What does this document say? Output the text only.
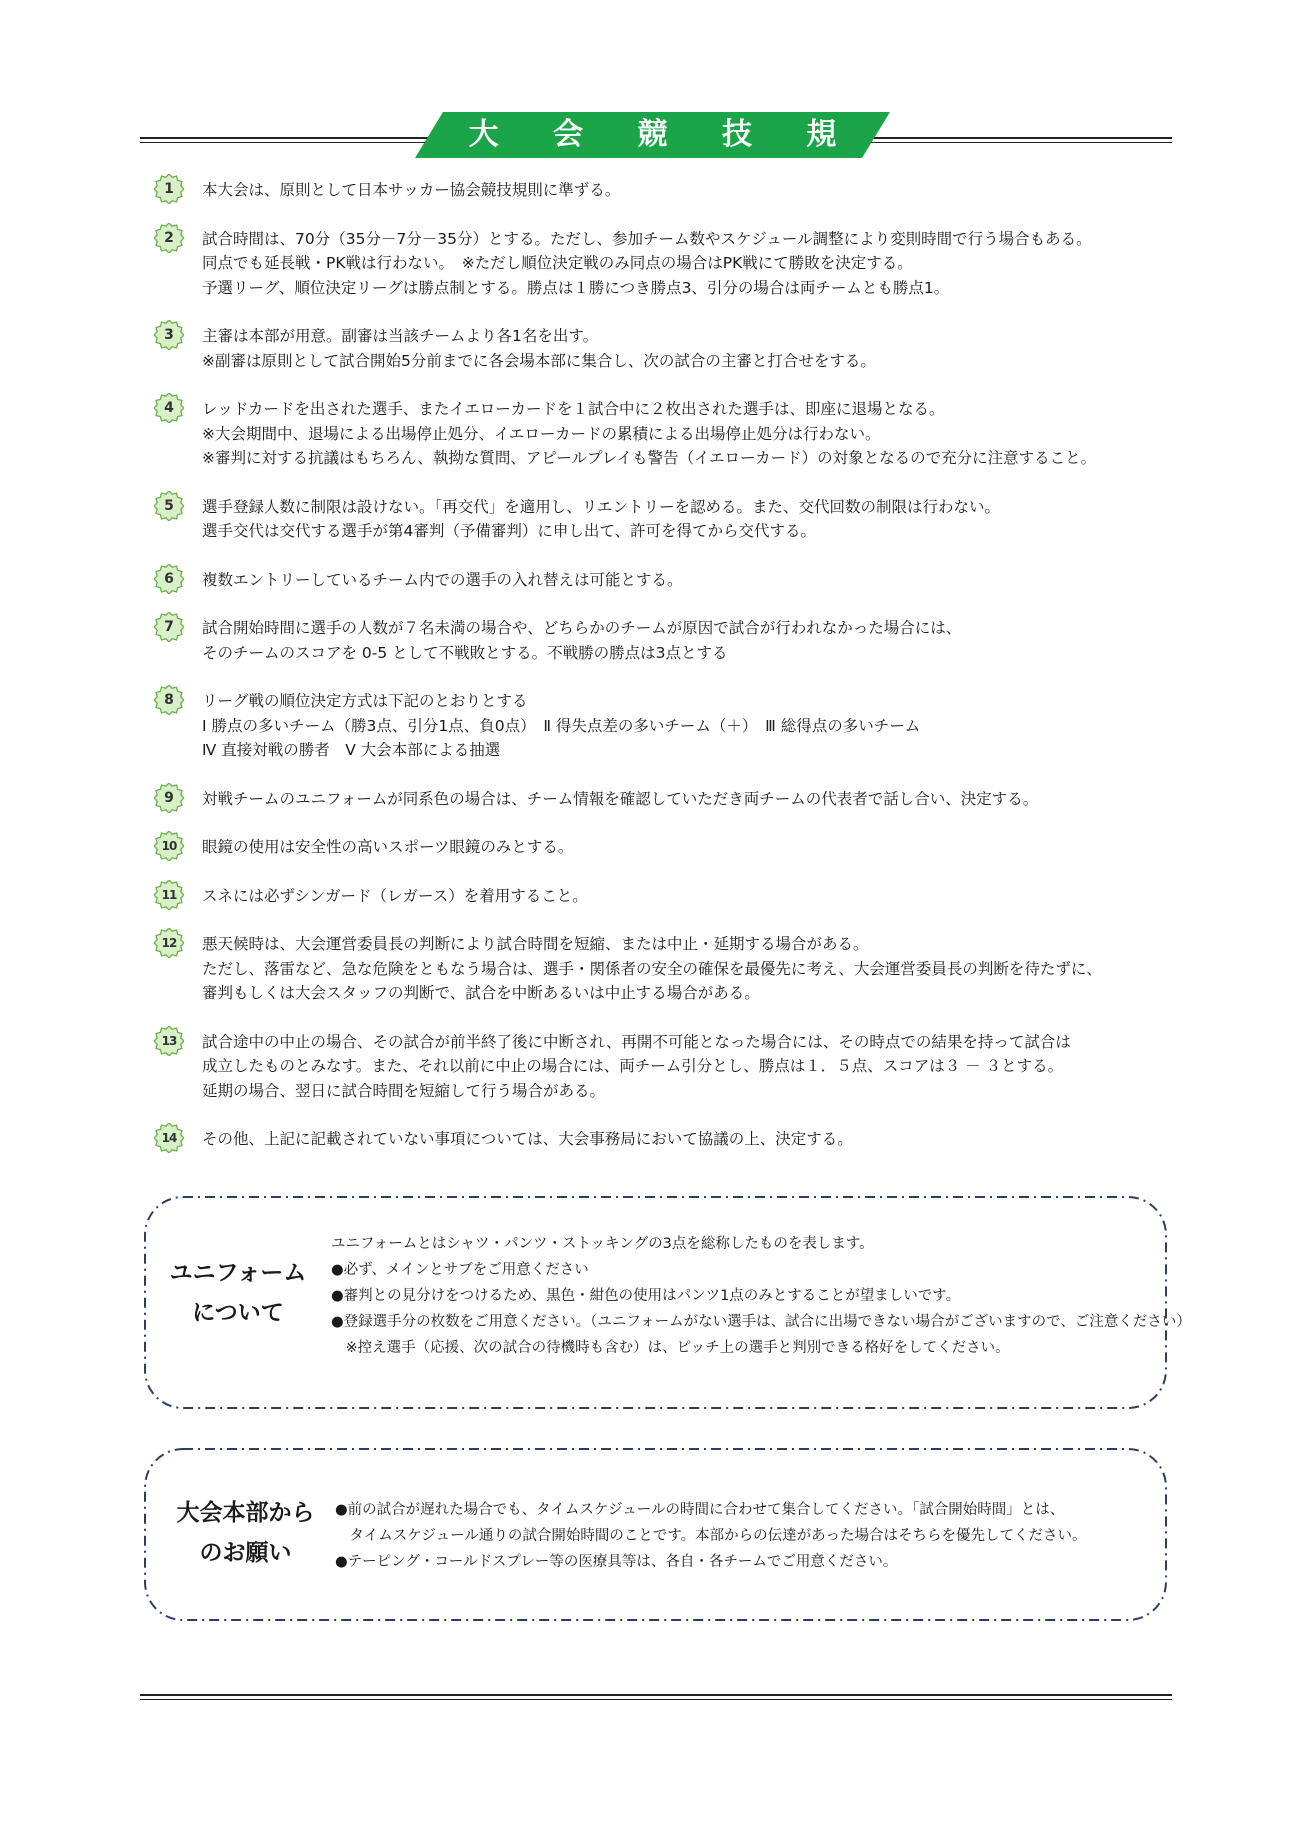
大 会 競 技 規 定
1	本大会は、原則として日本サッカー協会競技規則に準ずる。
2	試合時間は、70分（35分－7分－35分）とする。ただし、参加チーム数やスケジュール調整により変則時間で行う場合もある。
同点でも延長戦・PK戦は行わない。　※ただし順位決定戦のみ同点の場合はPK戦にて勝敗を決定する。
予選リーグ、順位決定リーグは勝点制とする。勝点は１勝につき勝点3、引分の場合は両チームとも勝点1。
3	主審は本部が用意。副審は当該チームより各1名を出す。
※副審は原則として試合開始5分前までに各会場本部に集合し、次の試合の主審と打合せをする。
4	レッドカードを出された選手、またイエローカードを１試合中に２枚出された選手は、即座に退場となる。
※大会期間中、退場による出場停止処分、イエローカードの累積による出場停止処分は行わない。
※審判に対する抗議はもちろん、執拗な質問、アピールプレイも警告（イエローカード）の対象となるので充分に注意すること。
5	選手登録人数に制限は設けない。「再交代」を適用し、リエントリーを認める。また、交代回数の制限は行わない。
選手交代は交代する選手が第4審判（予備審判）に申し出て、許可を得てから交代する。
6	複数エントリーしているチーム内での選手の入れ替えは可能とする。
7	試合開始時間に選手の人数が７名未満の場合や、どちらかのチームが原因で試合が行われなかった場合には、
そのチームのスコアを 0-5 として不戦敗とする。不戦勝の勝点は3点とする
8	リーグ戦の順位決定方式は下記のとおりとする
Ⅰ 勝点の多いチーム（勝3点、引分1点、負0点）　Ⅱ 得失点差の多いチーム（＋）　Ⅲ 総得点の多いチーム
Ⅳ 直接対戦の勝者　Ⅴ 大会本部による抽選
9	対戦チームのユニフォームが同系色の場合は、チーム情報を確認していただき両チームの代表者で話し合い、決定する。
10	眼鏡の使用は安全性の高いスポーツ眼鏡のみとする。
11	スネには必ずシンガード（レガース）を着用すること。
12	悪天候時は、大会運営委員長の判断により試合時間を短縮、または中止・延期する場合がある。
ただし、落雷など、急な危険をともなう場合は、選手・関係者の安全の確保を最優先に考え、大会運営委員長の判断を待たずに、
審判もしくは大会スタッフの判断で、試合を中断あるいは中止する場合がある。
13	試合途中の中止の場合、その試合が前半終了後に中断され、再開不可能となった場合には、その時点での結果を持って試合は
成立したものとみなす。また、それ以前に中止の場合には、両チーム引分とし、勝点は１．５点、スコアは３ － ３とする。
延期の場合、翌日に試合時間を短縮して行う場合がある。
14	その他、上記に記載されていない事項については、大会事務局において協議の上、決定する。
ユニフォーム
について
ユニフォームとはシャツ・パンツ・ストッキングの3点を総称したものを表します。
●必ず、メインとサブをご用意ください
●審判との見分けをつけるため、黒色・紺色の使用はパンツ1点のみとすることが望ましいです。
●登録選手分の枚数をご用意ください。（ユニフォームがない選手は、試合に出場できない場合がございますので、ご注意ください）
　※控え選手（応援、次の試合の待機時も含む）は、ピッチ上の選手と判別できる格好をしてください。
大会本部から
のお願い
●前の試合が遅れた場合でも、タイムスケジュールの時間に合わせて集合してください。「試合開始時間」とは、
　タイムスケジュール通りの試合開始時間のことです。本部からの伝達があった場合はそちらを優先してください。
●テーピング・コールドスプレー等の医療具等は、各自・各チームでご用意ください。
